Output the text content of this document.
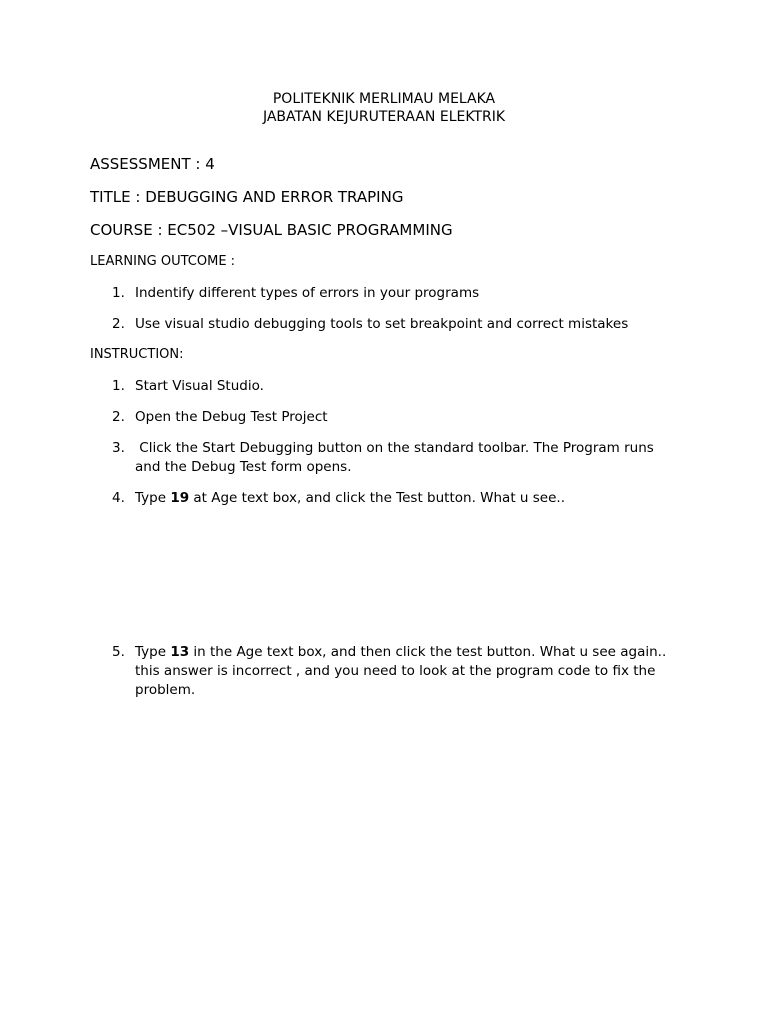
POLITEKNIK MERLIMAU MELAKA
JABATAN KEJURUTERAAN ELEKTRIK
ASSESSMENT : 4
TITLE : DEBUGGING AND ERROR TRAPING
COURSE : EC502 –VISUAL BASIC PROGRAMMING
LEARNING OUTCOME :
1. Indentify different types of errors in your programs
2. Use visual studio debugging tools to set breakpoint and correct mistakes
INSTRUCTION:
1. Start Visual Studio.
2. Open the Debug Test Project
3. Click the Start Debugging button on the standard toolbar. The Program runs and the Debug Test form opens.
4. Type 19 at Age text box, and click the Test button. What u see..
5. Type 13 in the Age text box, and then click the test button. What u see again..  this answer is incorrect , and you need to look at the program code to fix the problem.
